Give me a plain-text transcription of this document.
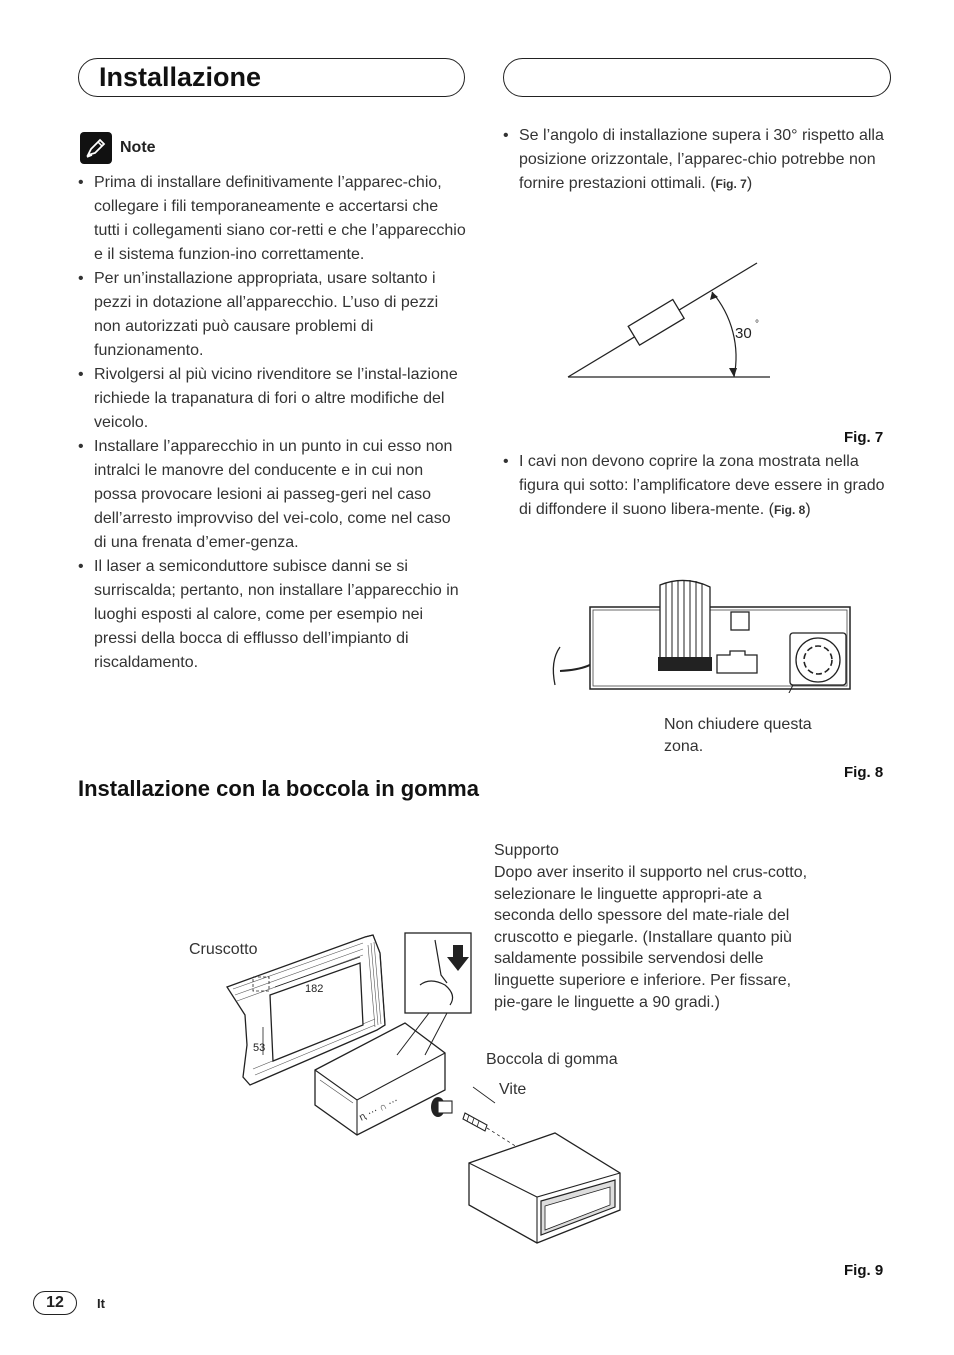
Installazione
Note
• Prima di installare definitivamente l’apparec-chio, collegare i fili temporaneamente e accertarsi che tutti i collegamenti siano cor-retti e che l’apparecchio e il sistema funzion-ino correttamente.
• Per un’installazione appropriata, usare soltanto i pezzi in dotazione all’apparecchio. L’uso di pezzi non autorizzati può causare problemi di funzionamento.
• Rivolgersi al più vicino rivenditore se l’instal-lazione richiede la trapanatura di fori o altre modifiche del veicolo.
• Installare l’apparecchio in un punto in cui esso non intralci le manovre del conducente e in cui non possa provocare lesioni ai passeg-geri nel caso dell’arresto improvviso del vei-colo, come nel caso di una frenata d’emer-genza.
• Il laser a semiconduttore subisce danni se si surriscalda; pertanto, non installare l’apparecchio in luoghi esposti al calore, come per esempio nei pressi della bocca di efflusso dell’impianto di riscaldamento.
• Se l’angolo di installazione supera i 30° rispetto alla posizione orizzontale, l’apparec-chio potrebbe non fornire prestazioni ottimali. (Fig. 7)
30
°
Fig. 7
• I cavi non devono coprire la zona mostrata nella figura qui sotto: l’amplificatore deve essere in grado di diffondere il suono libera-mente. (Fig. 8)
Non chiudere questa zona.
Fig. 8
Installazione con la boccola in gomma
Supporto
Dopo aver inserito il supporto nel crus-cotto, selezionare le linguette appropri-ate a seconda dello spessore del mate-riale del cruscotto e piegarle. (Installare quanto più saldamente possibile servendosi delle linguette superiore e inferiore. Per fissare, pie-gare le linguette a 90 gradi.)
Cruscotto
Boccola di gomma
Vite
182
53
ꞑ ⋯ ∩ ⋯
Fig. 9
12	It
